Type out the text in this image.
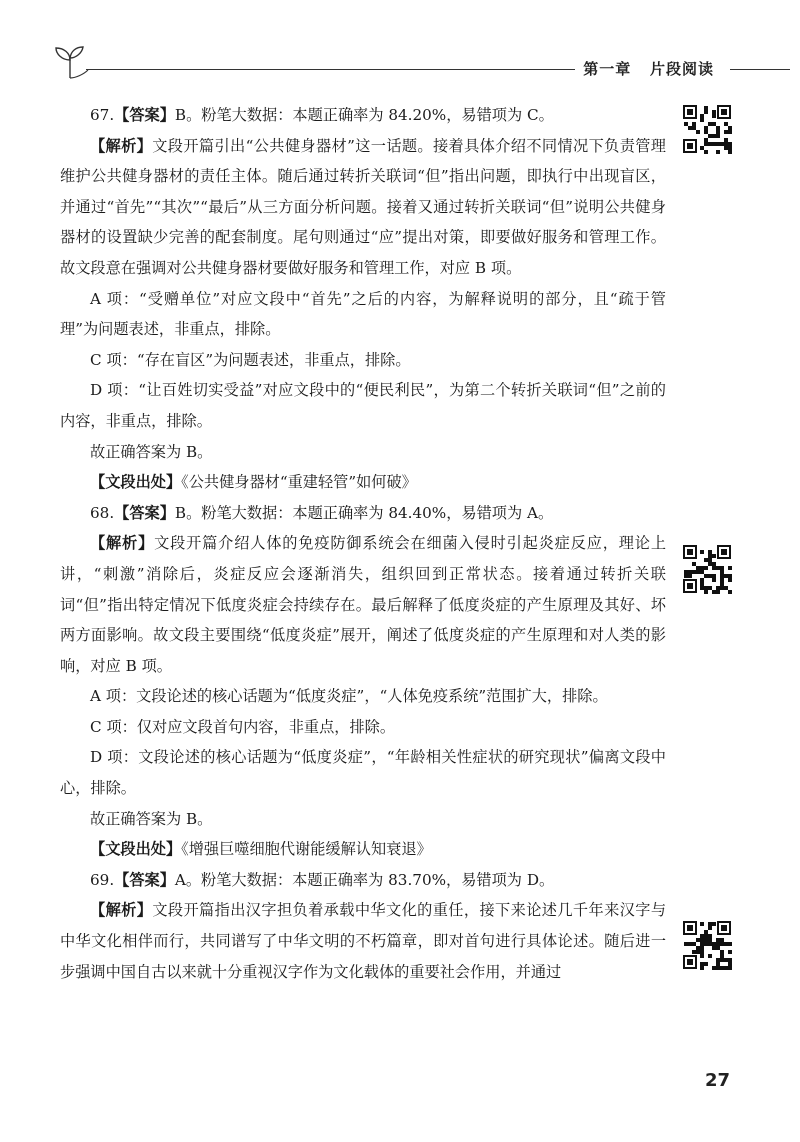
第一章 片段阅读

67.【答案】B。粉笔大数据：本题正确率为 84.20%，易错项为 C。

【解析】文段开篇引出“公共健身器材”这一话题。接着具体介绍不同情况下负责管理维护公共健身器材的责任主体。随后通过转折关联词“但”指出问题，即执行中出现盲区，并通过“首先”“其次”“最后”从三方面分析问题。接着又通过转折关联词“但”说明公共健身器材的设置缺少完善的配套制度。尾句则通过“应”提出对策，即要做好服务和管理工作。故文段意在强调对公共健身器材要做好服务和管理工作，对应 B 项。

A 项：“受赠单位”对应文段中“首先”之后的内容，为解释说明的部分，且“疏于管理”为问题表述，非重点，排除。

C 项：“存在盲区”为问题表述，非重点，排除。

D 项：“让百姓切实受益”对应文段中的“便民利民”，为第二个转折关联词“但”之前的内容，非重点，排除。

故正确答案为 B。

【文段出处】《公共健身器材“重建轻管”如何破》

68.【答案】B。粉笔大数据：本题正确率为 84.40%，易错项为 A。

【解析】文段开篇介绍人体的免疫防御系统会在细菌入侵时引起炎症反应，理论上讲，“刺激”消除后，炎症反应会逐渐消失，组织回到正常状态。接着通过转折关联词“但”指出特定情况下低度炎症会持续存在。最后解释了低度炎症的产生原理及其好、坏两方面影响。故文段主要围绕“低度炎症”展开，阐述了低度炎症的产生原理和对人类的影响，对应 B 项。

A 项：文段论述的核心话题为“低度炎症”，“人体免疫系统”范围扩大，排除。

C 项：仅对应文段首句内容，非重点，排除。

D 项：文段论述的核心话题为“低度炎症”，“年龄相关性症状的研究现状”偏离文段中心，排除。

故正确答案为 B。

【文段出处】《增强巨噬细胞代谢能缓解认知衰退》

69.【答案】A。粉笔大数据：本题正确率为 83.70%，易错项为 D。

【解析】文段开篇指出汉字担负着承载中华文化的重任，接下来论述几千年来汉字与中华文化相伴而行，共同谱写了中华文明的不朽篇章，即对首句进行具体论述。随后进一步强调中国自古以来就十分重视汉字作为文化载体的重要社会作用，并通过

27
